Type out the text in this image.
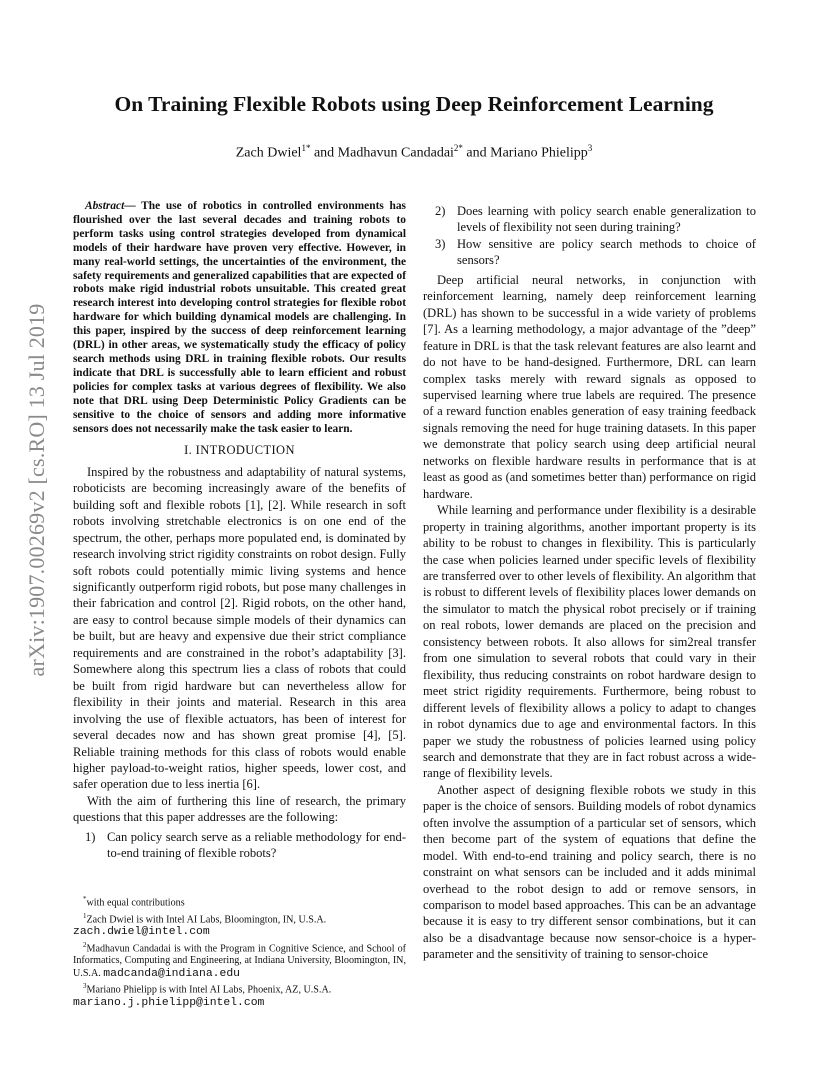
arXiv:1907.00269v2 [cs.RO] 13 Jul 2019
On Training Flexible Robots using Deep Reinforcement Learning
Zach Dwiel$^{1*}$ and Madhavun Candadai$^{2*}$ and Mariano Phielipp$^3$

Abstract— The use of robotics in controlled environments has flourished over the last several decades and training robots to perform tasks using control strategies developed from dynamical models of their hardware have proven very effective. However, in many real-world settings, the uncertainties of the environment, the safety requirements and generalized capabilities that are expected of robots make rigid industrial robots unsuitable. This created great research interest into developing control strategies for flexible robot hardware for which building dynamical models are challenging. In this paper, inspired by the success of deep reinforcement learning (DRL) in other areas, we systematically study the efficacy of policy search methods using DRL in training flexible robots. Our results indicate that DRL is successfully able to learn efficient and robust policies for complex tasks at various degrees of flexibility. We also note that DRL using Deep Deterministic Policy Gradients can be sensitive to the choice of sensors and adding more informative sensors does not necessarily make the task easier to learn.

I. INTRODUCTION

Inspired by the robustness and adaptability of natural systems, roboticists are becoming increasingly aware of the benefits of building soft and flexible robots [1], [2]. While research in soft robots involving stretchable electronics is on one end of the spectrum, the other, perhaps more populated end, is dominated by research involving strict rigidity constraints on robot design. Fully soft robots could potentially mimic living systems and hence significantly outperform rigid robots, but pose many challenges in their fabrication and control [2]. Rigid robots, on the other hand, are easy to control because simple models of their dynamics can be built, but are heavy and expensive due their strict compliance requirements and are constrained in the robot’s adaptability [3]. Somewhere along this spectrum lies a class of robots that could be built from rigid hardware but can nevertheless allow for flexibility in their joints and material. Research in this area involving the use of flexible actuators, has been of interest for several decades now and has shown great promise [4], [5]. Reliable training methods for this class of robots would enable higher payload-to-weight ratios, higher speeds, lower cost, and safer operation due to less inertia [6].

With the aim of furthering this line of research, the primary questions that this paper addresses are the following:

1) Can policy search serve as a reliable methodology for end-to-end training of flexible robots?

*with equal contributions

$^1$Zach Dwiel is with Intel AI Labs, Bloomington, IN, U.S.A.
zach.dwiel@intel.com

$^2$Madhavun Candadai is with the Program in Cognitive Science, and School of Informatics, Computing and Engineering, at Indiana University, Bloomington, IN, U.S.A. madcanda@indiana.edu

$^3$Mariano Phielipp is with Intel AI Labs, Phoenix, AZ, U.S.A.
mariano.j.phielipp@intel.com

2) Does learning with policy search enable generalization to levels of flexibility not seen during training?
3) How sensitive are policy search methods to choice of sensors?

Deep artificial neural networks, in conjunction with reinforcement learning, namely deep reinforcement learning (DRL) has shown to be successful in a wide variety of problems [7]. As a learning methodology, a major advantage of the ”deep” feature in DRL is that the task relevant features are also learnt and do not have to be hand-designed. Furthermore, DRL can learn complex tasks merely with reward signals as opposed to supervised learning where true labels are required. The presence of a reward function enables generation of easy training feedback signals removing the need for huge training datasets. In this paper we demonstrate that policy search using deep artificial neural networks on flexible hardware results in performance that is at least as good as (and sometimes better than) performance on rigid hardware.

While learning and performance under flexibility is a desirable property in training algorithms, another important property is its ability to be robust to changes in flexibility. This is particularly the case when policies learned under specific levels of flexibility are transferred over to other levels of flexibility. An algorithm that is robust to different levels of flexibility places lower demands on the simulator to match the physical robot precisely or if training on real robots, lower demands are placed on the precision and consistency between robots. It also allows for sim2real transfer from one simulation to several robots that could vary in their flexibility, thus reducing constraints on robot hardware design to meet strict rigidity requirements. Furthermore, being robust to different levels of flexibility allows a policy to adapt to changes in robot dynamics due to age and environmental factors. In this paper we study the robustness of policies learned using policy search and demonstrate that they are in fact robust across a wide-range of flexibility levels.

Another aspect of designing flexible robots we study in this paper is the choice of sensors. Building models of robot dynamics often involve the assumption of a particular set of sensors, which then become part of the system of equations that define the model. With end-to-end training and policy search, there is no constraint on what sensors can be included and it adds minimal overhead to the robot design to add or remove sensors, in comparison to model based approaches. This can be an advantage because it is easy to try different sensor combinations, but it can also be a disadvantage because now sensor-choice is a hyper-parameter and the sensitivity of training to sensor-choice
